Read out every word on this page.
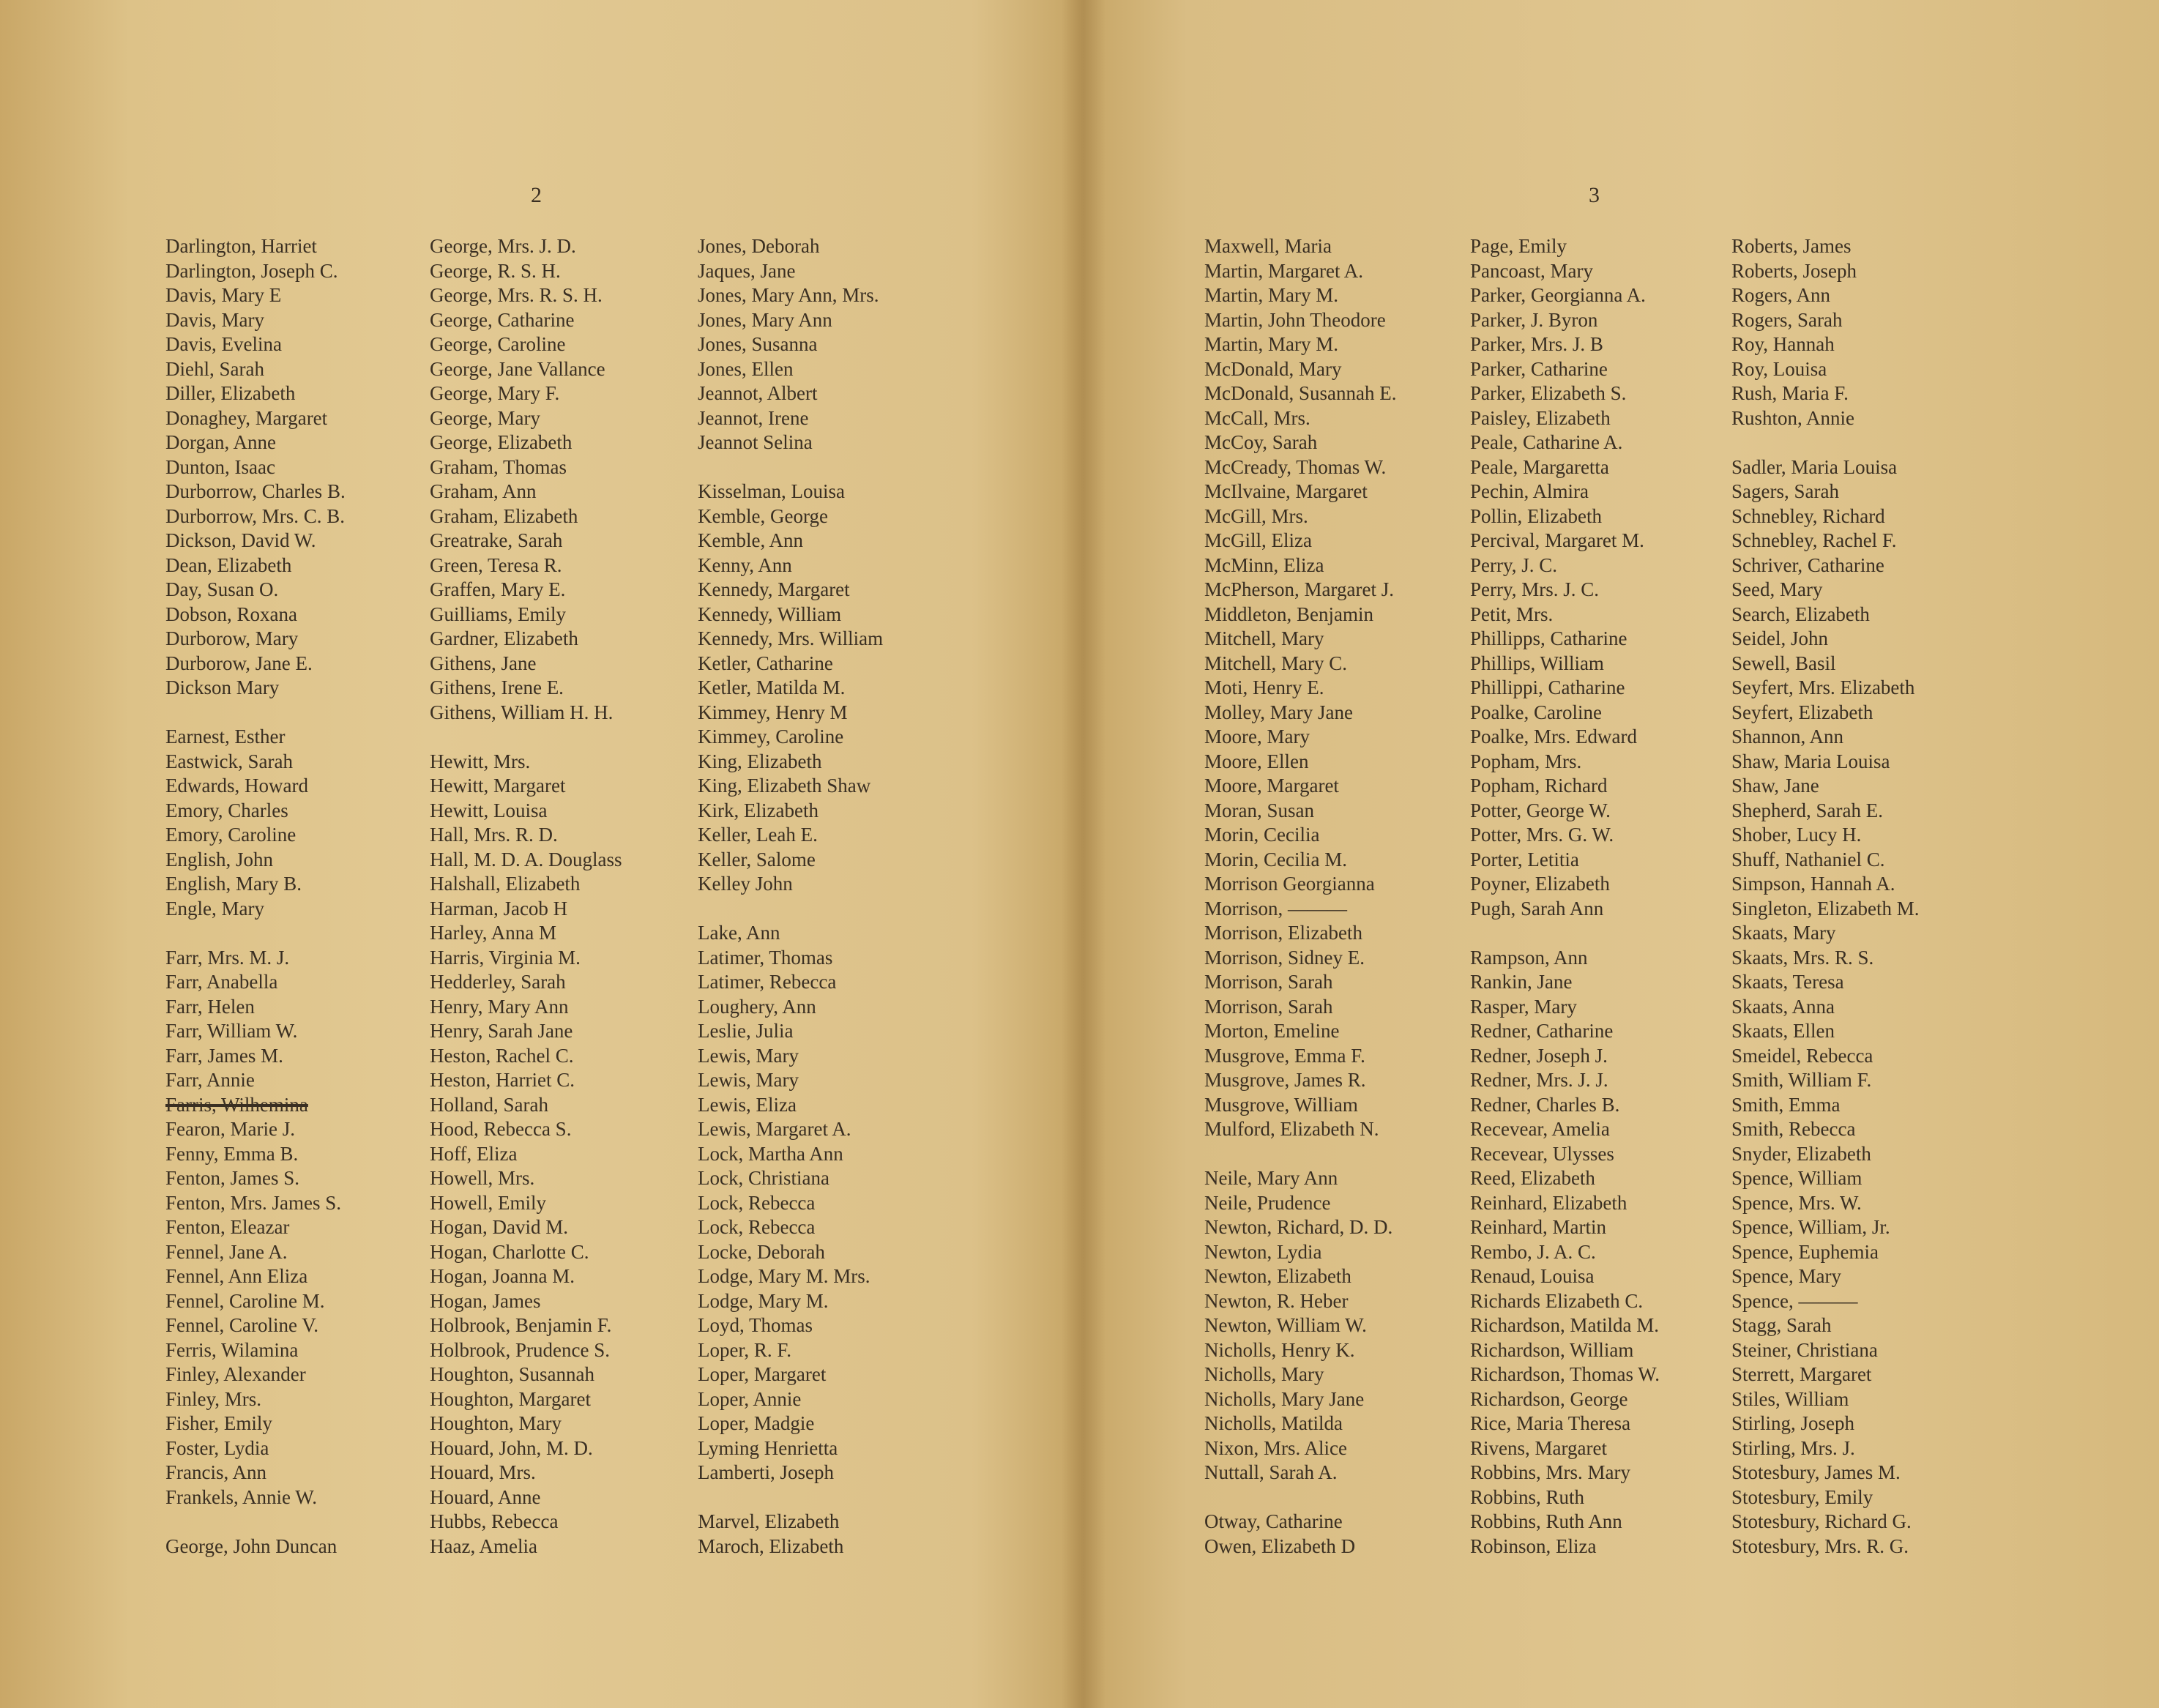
2
Darlington, Harriet
Darlington, Joseph C.
Davis, Mary E
Davis, Mary
Davis, Evelina
Diehl, Sarah
Diller, Elizabeth
Donaghey, Margaret
Dorgan, Anne
Dunton, Isaac
Durborrow, Charles B.
Durborrow, Mrs. C. B.
Dickson, David W.
Dean, Elizabeth
Day, Susan O.
Dobson, Roxana
Durborow, Mary
Durborow, Jane E.
Dickson Mary
Earnest, Esther
Eastwick, Sarah
Edwards, Howard
Emory, Charles
Emory, Caroline
English, John
English, Mary B.
Engle, Mary
Farr, Mrs. M. J.
Farr, Anabella
Farr, Helen
Farr, William W.
Farr, James M.
Farr, Annie
Farris, Wilhemina
Fearon, Marie J.
Fenny, Emma B.
Fenton, James S.
Fenton, Mrs. James S.
Fenton, Eleazar
Fennel, Jane A.
Fennel, Ann Eliza
Fennel, Caroline M.
Fennel, Caroline V.
Ferris, Wilamina
Finley, Alexander
Finley, Mrs.
Fisher, Emily
Foster, Lydia
Francis, Ann
Frankels, Annie W.
George, John Duncan
George, Mrs. J. D.
George, R. S. H.
George, Mrs. R. S. H.
George, Catharine
George, Caroline
George, Jane Vallance
George, Mary F.
George, Mary
George, Elizabeth
Graham, Thomas
Graham, Ann
Graham, Elizabeth
Greatrake, Sarah
Green, Teresa R.
Graffen, Mary E.
Guilliams, Emily
Gardner, Elizabeth
Githens, Jane
Githens, Irene E.
Githens, William H. H.
Hewitt, Mrs.
Hewitt, Margaret
Hewitt, Louisa
Hall, Mrs. R. D.
Hall, M. D. A. Douglass
Halshall, Elizabeth
Harman, Jacob H
Harley, Anna M
Harris, Virginia M.
Hedderley, Sarah
Henry, Mary Ann
Henry, Sarah Jane
Heston, Rachel C.
Heston, Harriet C.
Holland, Sarah
Hood, Rebecca S.
Hoff, Eliza
Howell, Mrs.
Howell, Emily
Hogan, David M.
Hogan, Charlotte C.
Hogan, Joanna M.
Hogan, James
Holbrook, Benjamin F.
Holbrook, Prudence S.
Houghton, Susannah
Houghton, Margaret
Houghton, Mary
Houard, John, M. D.
Houard, Mrs.
Houard, Anne
Hubbs, Rebecca
Haaz, Amelia
Jones, Deborah
Jaques, Jane
Jones, Mary Ann, Mrs.
Jones, Mary Ann
Jones, Susanna
Jones, Ellen
Jeannot, Albert
Jeannot, Irene
Jeannot Selina
Kisselman, Louisa
Kemble, George
Kemble, Ann
Kenny, Ann
Kennedy, Margaret
Kennedy, William
Kennedy, Mrs. William
Ketler, Catharine
Ketler, Matilda M.
Kimmey, Henry M
Kimmey, Caroline
King, Elizabeth
King, Elizabeth Shaw
Kirk, Elizabeth
Keller, Leah E.
Keller, Salome
Kelley John
Lake, Ann
Latimer, Thomas
Latimer, Rebecca
Loughery, Ann
Leslie, Julia
Lewis, Mary
Lewis, Mary
Lewis, Eliza
Lewis, Margaret A.
Lock, Martha Ann
Lock, Christiana
Lock, Rebecca
Lock, Rebecca
Locke, Deborah
Lodge, Mary M. Mrs.
Lodge, Mary M.
Loyd, Thomas
Loper, R. F.
Loper, Margaret
Loper, Annie
Loper, Madgie
Lyming Henrietta
Lamberti, Joseph
Marvel, Elizabeth
Maroch, Elizabeth
3
Maxwell, Maria
Martin, Margaret A.
Martin, Mary M.
Martin, John Theodore
Martin, Mary M.
McDonald, Mary
McDonald, Susannah E.
McCall, Mrs.
McCoy, Sarah
McCready, Thomas W.
McIlvaine, Margaret
McGill, Mrs.
McGill, Eliza
McMinn, Eliza
McPherson, Margaret J.
Middleton, Benjamin
Mitchell, Mary
Mitchell, Mary C.
Moti, Henry E.
Molley, Mary Jane
Moore, Mary
Moore, Ellen
Moore, Margaret
Moran, Susan
Morin, Cecilia
Morin, Cecilia M.
Morrison Georgianna
Morrison, ———
Morrison, Elizabeth
Morrison, Sidney E.
Morrison, Sarah
Morrison, Sarah
Morton, Emeline
Musgrove, Emma F.
Musgrove, James R.
Musgrove, William
Mulford, Elizabeth N.
Neile, Mary Ann
Neile, Prudence
Newton, Richard, D. D.
Newton, Lydia
Newton, Elizabeth
Newton, R. Heber
Newton, William W.
Nicholls, Henry K.
Nicholls, Mary
Nicholls, Mary Jane
Nicholls, Matilda
Nixon, Mrs. Alice
Nuttall, Sarah A.
Otway, Catharine
Owen, Elizabeth D
Page, Emily
Pancoast, Mary
Parker, Georgianna A.
Parker, J. Byron
Parker, Mrs. J. B
Parker, Catharine
Parker, Elizabeth S.
Paisley, Elizabeth
Peale, Catharine A.
Peale, Margaretta
Pechin, Almira
Pollin, Elizabeth
Percival, Margaret M.
Perry, J. C.
Perry, Mrs. J. C.
Petit, Mrs.
Phillipps, Catharine
Phillips, William
Phillippi, Catharine
Poalke, Caroline
Poalke, Mrs. Edward
Popham, Mrs.
Popham, Richard
Potter, George W.
Potter, Mrs. G. W.
Porter, Letitia
Poyner, Elizabeth
Pugh, Sarah Ann
Rampson, Ann
Rankin, Jane
Rasper, Mary
Redner, Catharine
Redner, Joseph J.
Redner, Mrs. J. J.
Redner, Charles B.
Recevear, Amelia
Recevear, Ulysses
Reed, Elizabeth
Reinhard, Elizabeth
Reinhard, Martin
Rembo, J. A. C.
Renaud, Louisa
Richards Elizabeth C.
Richardson, Matilda M.
Richardson, William
Richardson, Thomas W.
Richardson, George
Rice, Maria Theresa
Rivens, Margaret
Robbins, Mrs. Mary
Robbins, Ruth
Robbins, Ruth Ann
Robinson, Eliza
Roberts, James
Roberts, Joseph
Rogers, Ann
Rogers, Sarah
Roy, Hannah
Roy, Louisa
Rush, Maria F.
Rushton, Annie
Sadler, Maria Louisa
Sagers, Sarah
Schnebley, Richard
Schnebley, Rachel F.
Schriver, Catharine
Seed, Mary
Search, Elizabeth
Seidel, John
Sewell, Basil
Seyfert, Mrs. Elizabeth
Seyfert, Elizabeth
Shannon, Ann
Shaw, Maria Louisa
Shaw, Jane
Shepherd, Sarah E.
Shober, Lucy H.
Shuff, Nathaniel C.
Simpson, Hannah A.
Singleton, Elizabeth M.
Skaats, Mary
Skaats, Mrs. R. S.
Skaats, Teresa
Skaats, Anna
Skaats, Ellen
Smeidel, Rebecca
Smith, William F.
Smith, Emma
Smith, Rebecca
Snyder, Elizabeth
Spence, William
Spence, Mrs. W.
Spence, William, Jr.
Spence, Euphemia
Spence, Mary
Spence, ———
Stagg, Sarah
Steiner, Christiana
Sterrett, Margaret
Stiles, William
Stirling, Joseph
Stirling, Mrs. J.
Stotesbury, James M.
Stotesbury, Emily
Stotesbury, Richard G.
Stotesbury, Mrs. R. G.
